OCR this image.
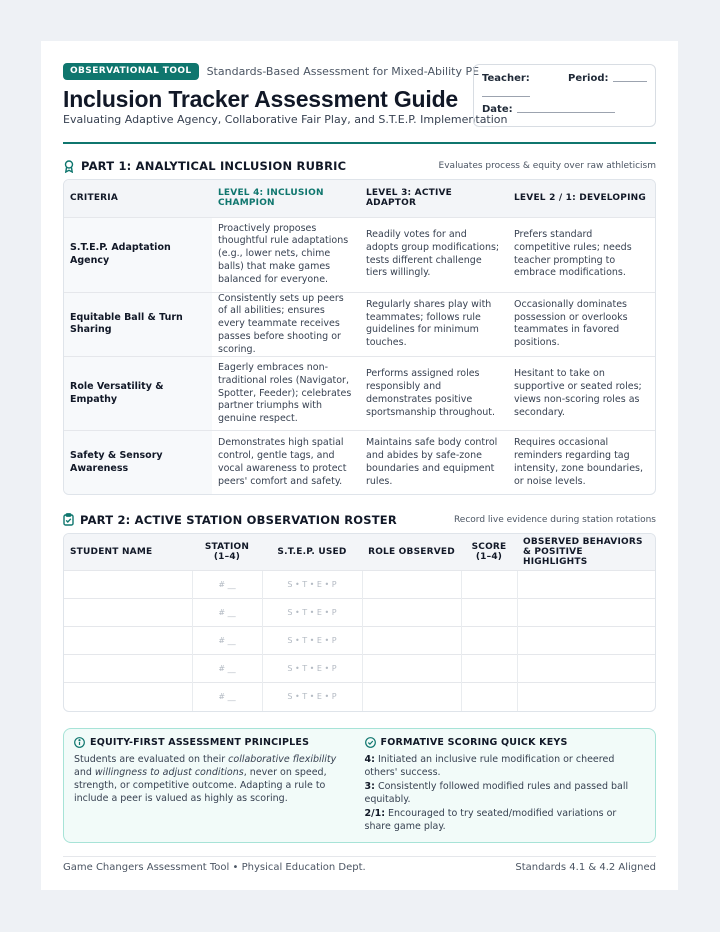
OBSERVATIONAL TOOL	Standards-Based Assessment for Mixed-Ability PE
Inclusion Tracker Assessment Guide
Evaluating Adaptive Agency, Collaborative Fair Play, and S.T.E.P. Implementation
Teacher:	Period:
Date:
PART 1: ANALYTICAL INCLUSION RUBRIC	Evaluates process & equity over raw athleticism
CRITERIA	LEVEL 4: INCLUSION CHAMPION	LEVEL 3: ACTIVE ADAPTOR	LEVEL 2 / 1: DEVELOPING
S.T.E.P. Adaptation Agency	Proactively proposes thoughtful rule adaptations (e.g., lower nets, chime balls) that make games balanced for everyone.	Readily votes for and adopts group modifications; tests different challenge tiers willingly.	Prefers standard competitive rules; needs teacher prompting to embrace modifications.
Equitable Ball & Turn Sharing	Consistently sets up peers of all abilities; ensures every teammate receives passes before shooting or scoring.	Regularly shares play with teammates; follows rule guidelines for minimum touches.	Occasionally dominates possession or overlooks teammates in favored positions.
Role Versatility & Empathy	Eagerly embraces non-traditional roles (Navigator, Spotter, Feeder); celebrates partner triumphs with genuine respect.	Performs assigned roles responsibly and demonstrates positive sportsmanship throughout.	Hesitant to take on supportive or seated roles; views non-scoring roles as secondary.
Safety & Sensory Awareness	Demonstrates high spatial control, gentle tags, and vocal awareness to protect peers' comfort and safety.	Maintains safe body control and abides by safe-zone boundaries and equipment rules.	Requires occasional reminders regarding tag intensity, zone boundaries, or noise levels.
PART 2: ACTIVE STATION OBSERVATION ROSTER	Record live evidence during station rotations
STUDENT NAME	STATION (1–4)	S.T.E.P. USED	ROLE OBSERVED	SCORE (1–4)	OBSERVED BEHAVIORS & POSITIVE HIGHLIGHTS
	# __	S • T • E • P			
	# __	S • T • E • P			
	# __	S • T • E • P			
	# __	S • T • E • P			
	# __	S • T • E • P			
EQUITY-FIRST ASSESSMENT PRINCIPLES
Students are evaluated on their collaborative flexibility and willingness to adjust conditions, never on speed, strength, or competitive outcome. Adapting a rule to include a peer is valued as highly as scoring.
FORMATIVE SCORING QUICK KEYS
4: Initiated an inclusive rule modification or cheered others' success.
3: Consistently followed modified rules and passed ball equitably.
2/1: Encouraged to try seated/modified variations or share game play.
Game Changers Assessment Tool • Physical Education Dept.	Standards 4.1 & 4.2 Aligned
